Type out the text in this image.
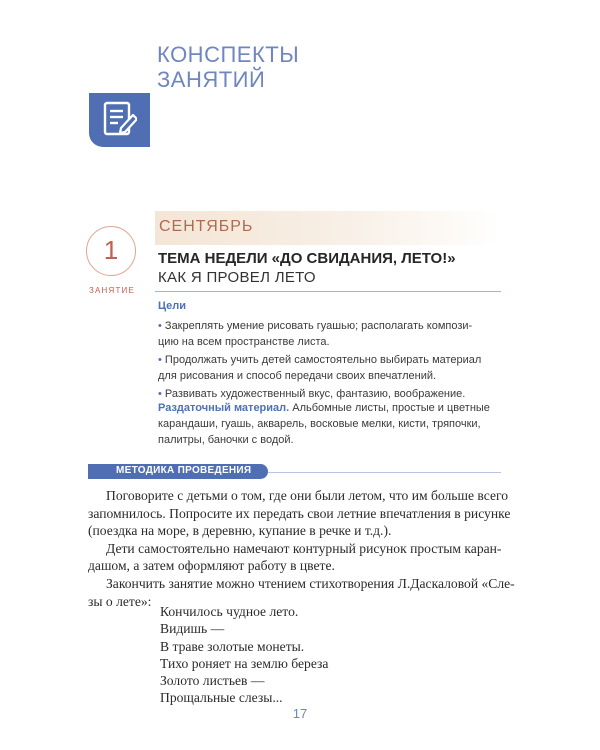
КОНСПЕКТЫ
ЗАНЯТИЙ
СЕНТЯБРЬ
1
ЗАНЯТИЕ
ТЕМА НЕДЕЛИ «ДО СВИДАНИЯ, ЛЕТО!»
КАК Я ПРОВЕЛ ЛЕТО
Цели
• Закреплять умение рисовать гуашью; располагать компози-
цию на всем пространстве листа.
• Продолжать учить детей самостоятельно выбирать материал
для рисования и способ передачи своих впечатлений.
• Развивать художественный вкус, фантазию, воображение.
Раздаточный материал. Альбомные листы, простые и цветные
карандаши, гуашь, акварель, восковые мелки, кисти, тряпочки,
палитры, баночки с водой.
МЕТОДИКА ПРОВЕДЕНИЯ
Поговорите с детьми о том, где они были летом, что им больше всего
запомнилось. Попросите их передать свои летние впечатления в рисунке
(поездка на море, в деревню, купание в речке и т.д.).
Дети самостоятельно намечают контурный рисунок простым каран-
дашом, а затем оформляют работу в цвете.
Закончить занятие можно чтением стихотворения Л.Даскаловой «Сле-
зы о лете»:
Кончилось чудное лето.
Видишь —
В траве золотые монеты.
Тихо роняет на землю береза
Золото листьев —
Прощальные слезы...
17
